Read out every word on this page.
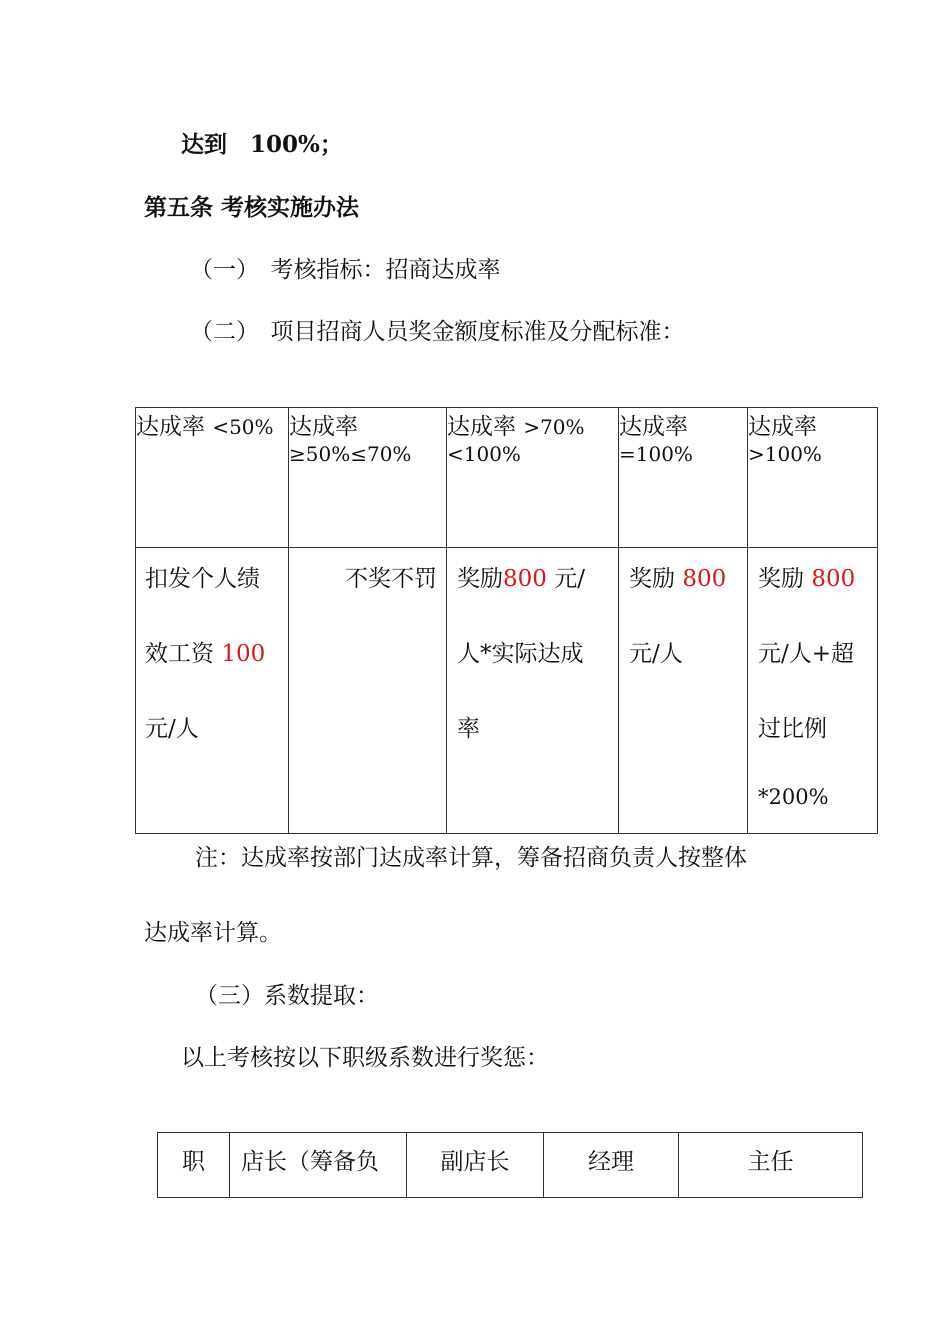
达到　100%；
第五条 考核实施办法
（一）　考核指标：招商达成率
（二）　项目招商人员奖金额度标准及分配标准：
达成率 <50%	达成率 ≥50%≤70%	达成率 >70%<100%	达成率 =100%	达成率 >100%

扣发个人绩
效工资 100
元/人	不奖不罚	奖励800 元/
人*实际达成
率	奖励 800
元/人	奖励 800
元/人+超
过比例
*200%
注：达成率按部门达成率计算，筹备招商负责人按整体
达成率计算。
（三）系数提取：
以上考核按以下职级系数进行奖惩：
职	店长（筹备负	副店长	经理	主任
